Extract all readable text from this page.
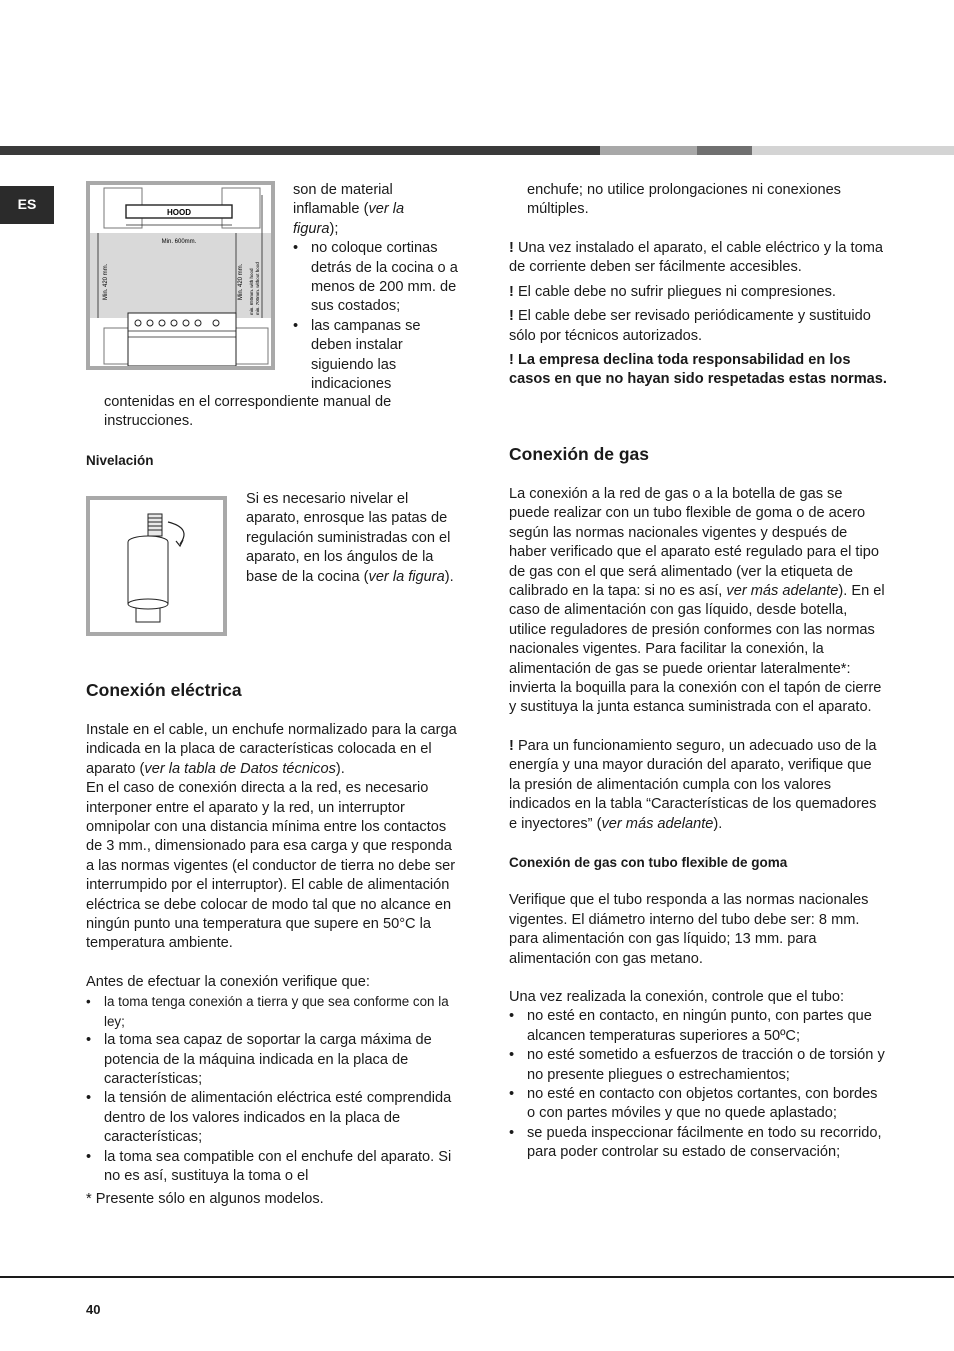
ES
HOOD
Min. 600mm.
Min. 420 mm.	Min. 420 mm. min. 650mm. with hood min. 700mm. without hood

son de material

inflamable (ver la

figura);

• no coloque cortinas detrás de la cocina o a menos de 200 mm. de sus costados;
• las campanas se deben instalar siguiendo las indicaciones

contenidas en el correspondiente manual de instrucciones.

Nivelación

Si es necesario nivelar el aparato, enrosque las patas de regulación suministradas con el aparato, en los ángulos de la base de la cocina (ver la figura).

Conexión eléctrica

Instale en el cable, un enchufe normalizado para la carga indicada en la placa de características colocada en el aparato (ver la tabla de Datos técnicos).

En el caso de conexión directa a la red, es necesario interponer entre el aparato y la red, un interruptor omnipolar con una distancia mínima entre los contactos de 3 mm., dimensionado para esa carga y que responda a las normas vigentes (el conductor de tierra no debe ser interrumpido por el interruptor). El cable de alimentación eléctrica se debe colocar de modo tal que no alcance en ningún punto una temperatura que supere en 50°C la temperatura ambiente.

Antes de efectuar la conexión verifique que:

• la toma tenga conexión a tierra y que sea conforme con la ley;
• la toma sea capaz de soportar la carga máxima de potencia de la máquina indicada en la placa de características;
• la tensión de alimentación eléctrica esté comprendida dentro de los valores indicados en la placa de características;
• la toma sea compatible con el enchufe del aparato. Si no es así, sustituya la toma o el

* Presente sólo en algunos modelos.

enchufe; no utilice prolongaciones ni conexiones múltiples.

! Una vez instalado el aparato, el cable eléctrico y la toma de corriente deben ser fácilmente accesibles.

! El cable debe no sufrir pliegues ni compresiones.

! El cable debe ser revisado periódicamente y sustituido sólo por técnicos autorizados.

! La empresa declina toda responsabilidad en los casos en que no hayan sido respetadas estas normas.

Conexión de gas

La conexión a la red de gas o a la botella de gas se puede realizar con un tubo flexible de goma o de acero según las normas nacionales vigentes y después de haber verificado que el aparato esté regulado para el tipo de gas con el que será alimentado (ver la etiqueta de calibrado en la tapa: si no es así, ver más adelante). En el caso de alimentación con gas líquido, desde botella, utilice reguladores de presión conformes con las normas nacionales vigentes. Para facilitar la conexión, la alimentación de gas se puede orientar lateralmente*: invierta la boquilla para la conexión con el tapón de cierre y sustituya la junta estanca suministrada con el aparato.

! Para un funcionamiento seguro, un adecuado uso de la energía y una mayor duración del aparato, verifique que la presión de alimentación cumpla con los valores indicados en la tabla “Características de los quemadores e inyectores” (ver más adelante).

Conexión de gas con tubo flexible de goma

Verifique que el tubo responda a las normas nacionales vigentes. El diámetro interno del tubo debe ser: 8 mm. para alimentación con gas líquido; 13 mm. para alimentación con gas metano.

Una vez realizada la conexión, controle que el tubo:

• no esté en contacto, en ningún punto, con partes que alcancen temperaturas superiores a 50ºC;
• no esté sometido a esfuerzos de tracción o de torsión y no presente pliegues o estrechamientos;
• no esté en contacto con objetos cortantes, con bordes o con partes móviles y que no quede aplastado;
• se pueda inspeccionar fácilmente en todo su recorrido, para poder controlar su estado de conservación;
40
